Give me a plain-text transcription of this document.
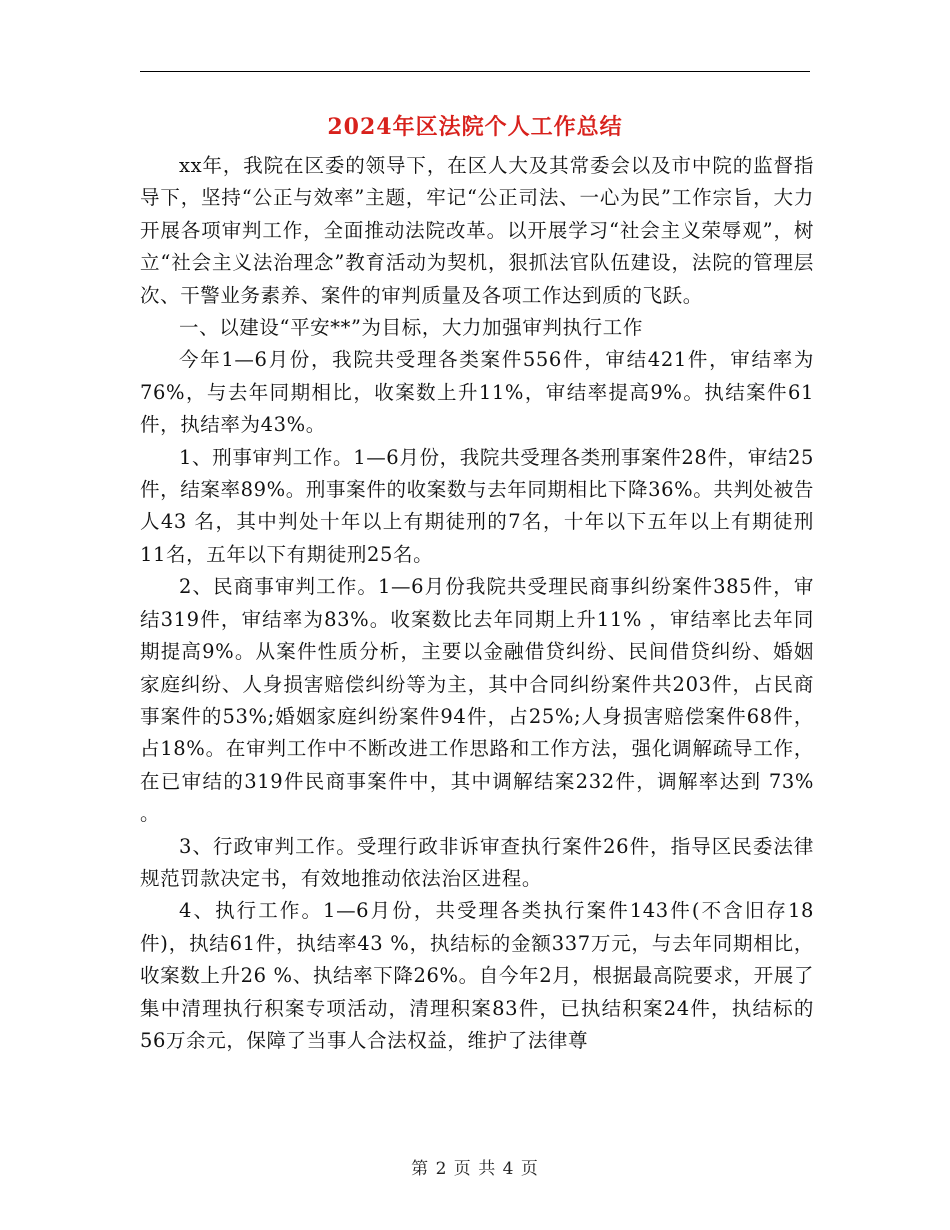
2024年区法院个人工作总结

xx年，我院在区委的领导下，在区人大及其常委会以及市中院的监督指导下，坚持“公正与效率”主题，牢记“公正司法、一心为民”工作宗旨，大力开展各项审判工作，全面推动法院改革。以开展学习“社会主义荣辱观”，树立“社会主义法治理念”教育活动为契机，狠抓法官队伍建设，法院的管理层次、干警业务素养、案件的审判质量及各项工作达到质的飞跃。

一、以建设“平安**”为目标，大力加强审判执行工作

今年1—6月份，我院共受理各类案件556件，审结421件，审结率为76%，与去年同期相比，收案数上升11%，审结率提高9%。执结案件61件，执结率为43%。

1、刑事审判工作。1—6月份，我院共受理各类刑事案件28件，审结25件，结案率89%。刑事案件的收案数与去年同期相比下降36%。共判处被告人43 名，其中判处十年以上有期徒刑的7名，十年以下五年以上有期徒刑11名，五年以下有期徒刑25名。

2、民商事审判工作。1—6月份我院共受理民商事纠纷案件385件，审结319件，审结率为83%。收案数比去年同期上升11% ，审结率比去年同期提高9%。从案件性质分析，主要以金融借贷纠纷、民间借贷纠纷、婚姻家庭纠纷、人身损害赔偿纠纷等为主，其中合同纠纷案件共203件，占民商事案件的53%;婚姻家庭纠纷案件94件，占25%;人身损害赔偿案件68件，占18%。在审判工作中不断改进工作思路和工作方法，强化调解疏导工作，在已审结的319件民商事案件中，其中调解结案232件，调解率达到 73% 。

3、行政审判工作。受理行政非诉审查执行案件26件，指导区民委法律规范罚款决定书，有效地推动依法治区进程。

4、执行工作。1—6月份，共受理各类执行案件143件(不含旧存18件)，执结61件，执结率43 %，执结标的金额337万元，与去年同期相比，收案数上升26 %、执结率下降26%。自今年2月，根据最高院要求，开展了集中清理执行积案专项活动，清理积案83件，已执结积案24件，执结标的56万余元，保障了当事人合法权益，维护了法律尊

第 2 页 共 4 页
